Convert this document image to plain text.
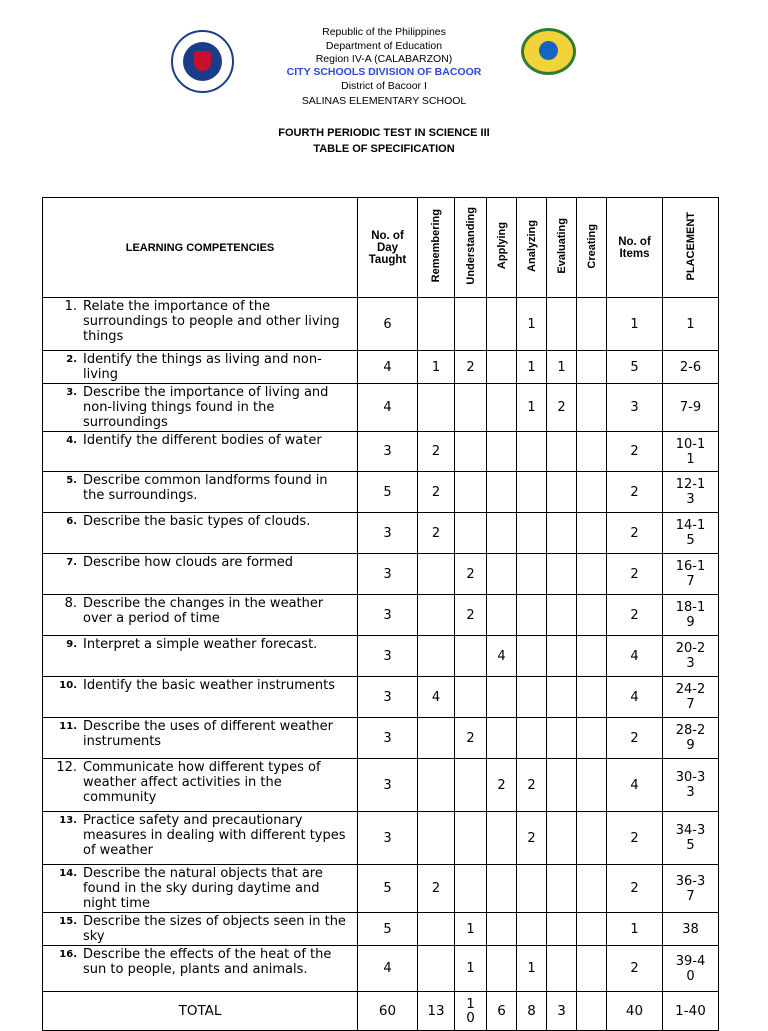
Republic of the Philippines
Department of Education
Region IV-A (CALABARZON)
CITY SCHOOLS DIVISION OF BACOOR
District of Bacoor I
SALINAS ELEMENTARY SCHOOL
FOURTH PERIODIC TEST IN SCIENCE III
TABLE OF SPECIFICATION
LEARNING COMPETENCIES	No. of Day Taught	Remembering	Understanding	Applying	Analyzing	Evaluating	Creating	No. of Items	PLACEMENT

1. Relate the importance of the surroundings to people and other living things	6				1			1	1

2. Identify the things as living and non-living	4	1	2		1	1		5	2-6

3. Describe the importance of living and non-living things found in the surroundings	4				1	2		3	7-9

4. Identify the different bodies of water	3	2						2	10-11

5. Describe common landforms found in the surroundings.	5	2						2	12-13

6. Describe the basic types of clouds.	3	2						2	14-15

7. Describe how clouds are formed	3		2					2	16-17

8. Describe the changes in the weather over a period of time	3		2					2	18-19

9. Interpret a simple weather forecast.	3			4				4	20-23

10. Identify the basic weather instruments	3	4						4	24-27

11. Describe the uses of different weather instruments	3		2					2	28-29

12. Communicate how different types of weather affect activities in the community	3			2	2			4	30-33

13. Practice safety and precautionary measures in dealing with different types of weather	3				2			2	34-35

14. Describe the natural objects that are found in the sky during daytime and night time	5	2						2	36-37

15. Describe the sizes of objects seen in the sky	5		1					1	38

16. Describe the effects of the heat of the sun to people, plants and animals.	4		1		1			2	39-40
TOTAL	60	13	10	6	8	3		40	1-40
